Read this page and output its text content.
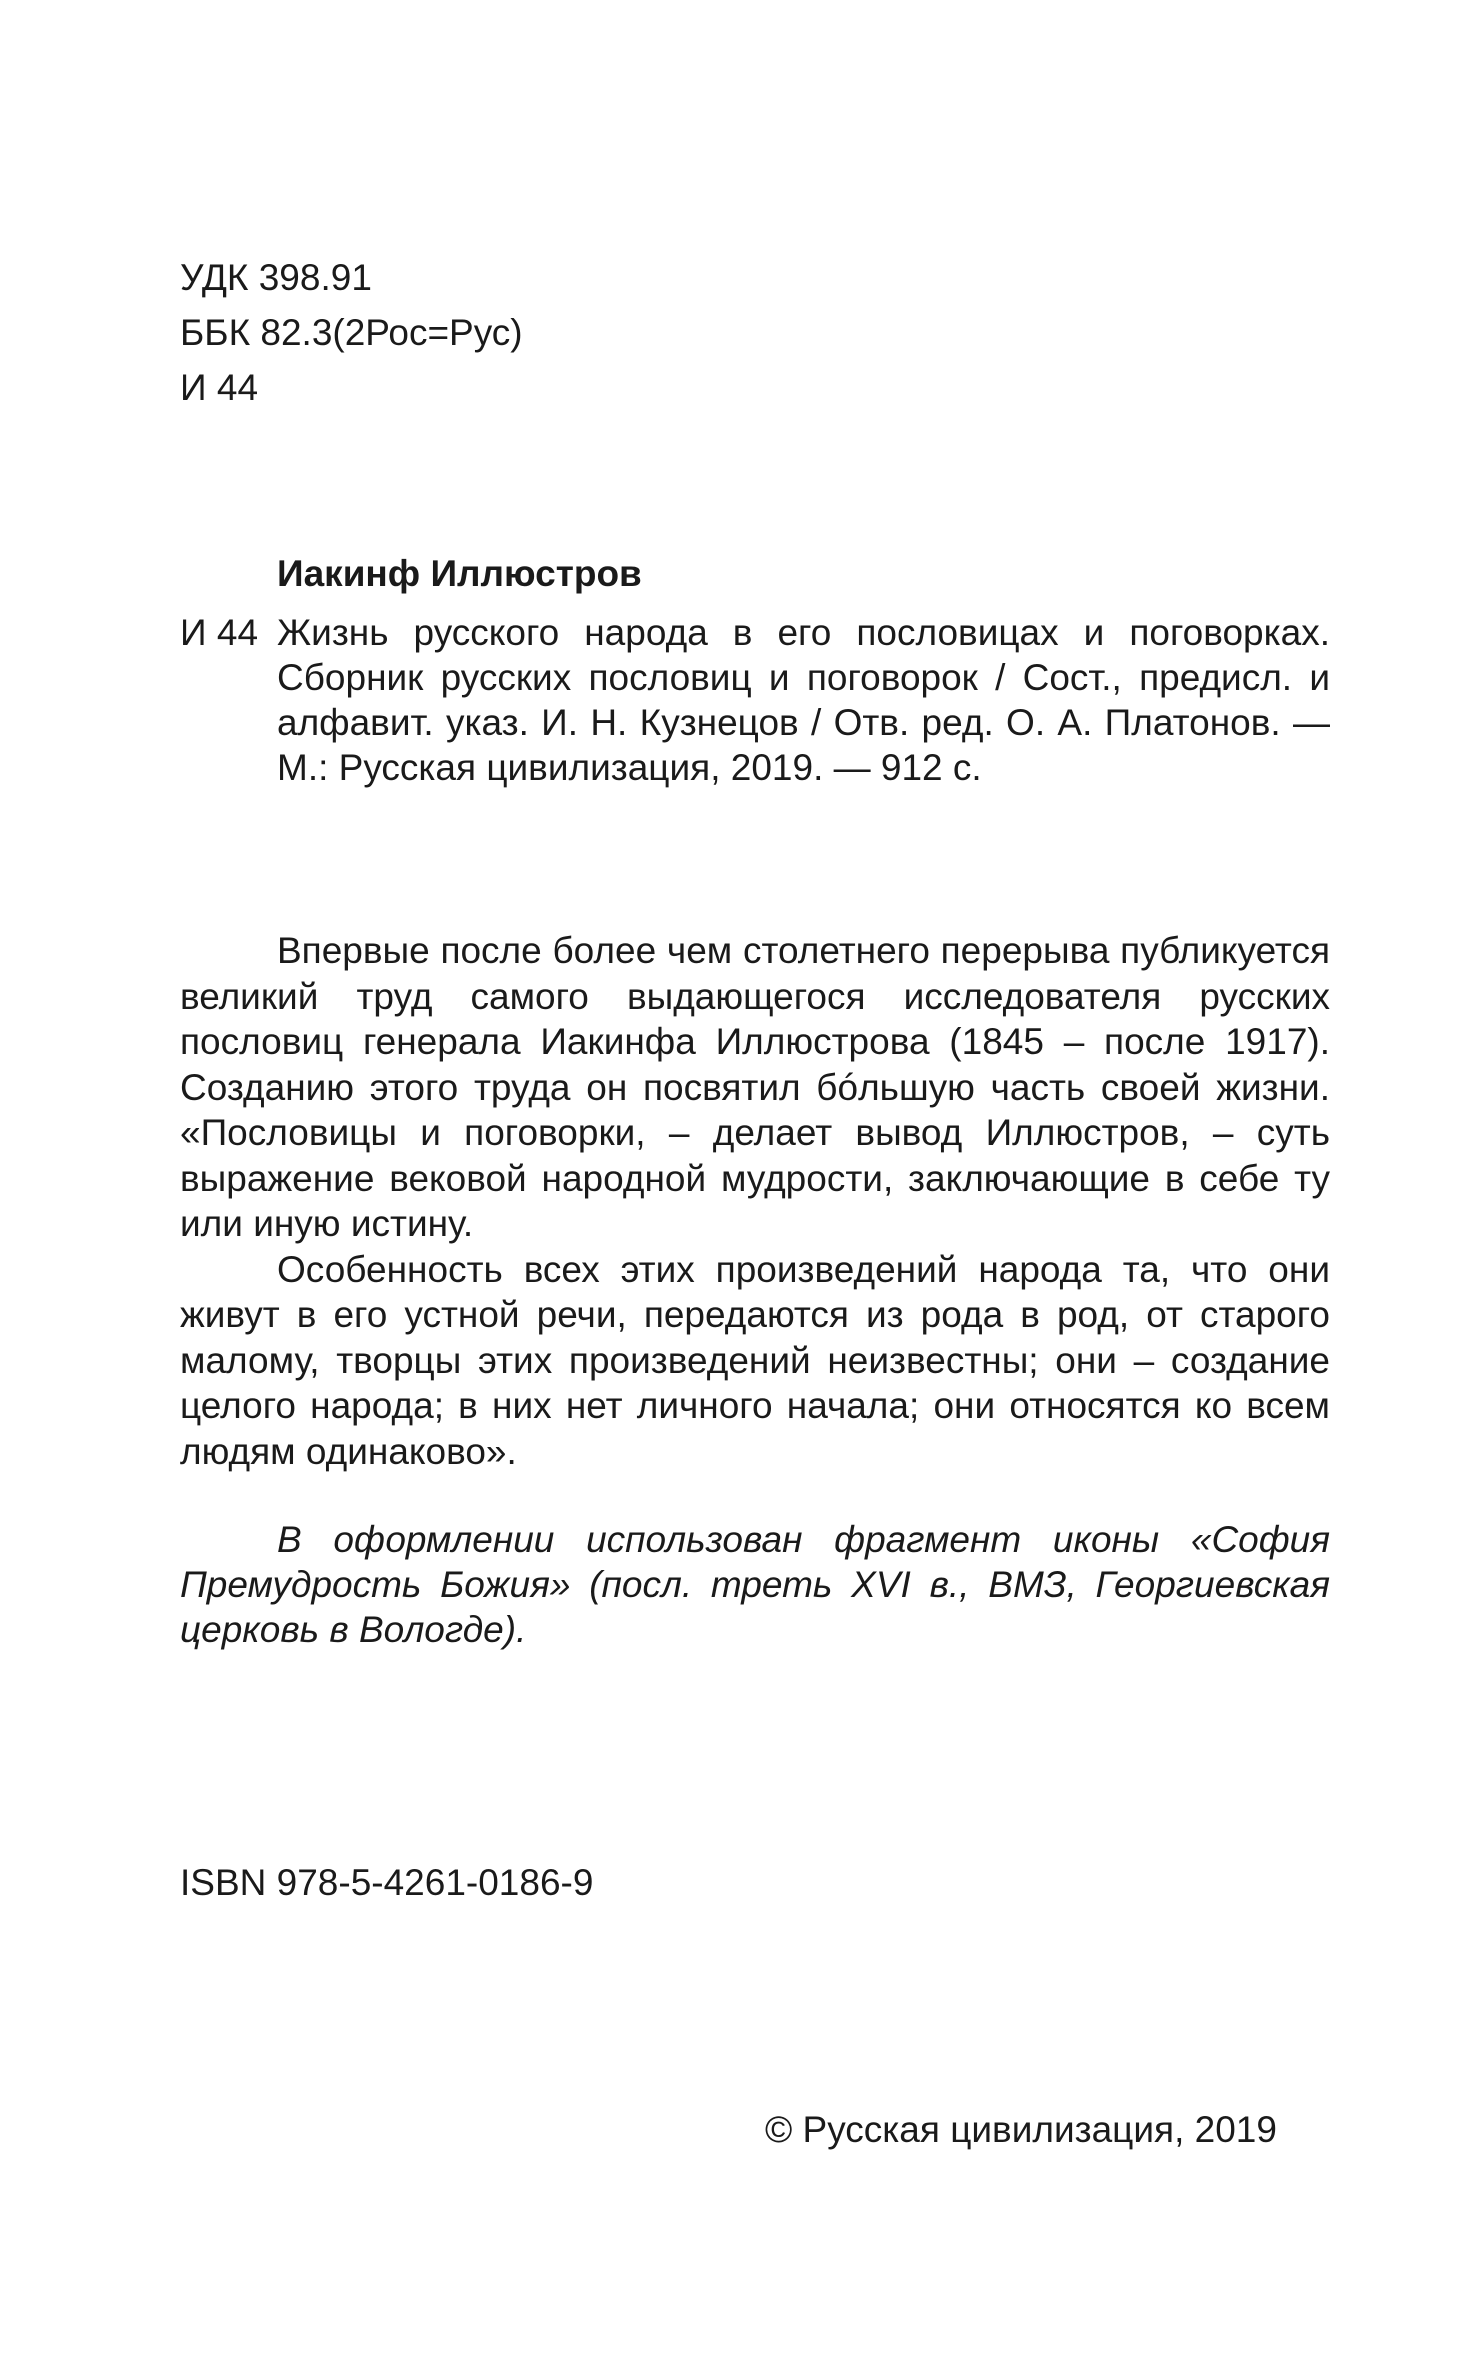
УДК 398.91
ББК 82.3(2Рос=Рус)
И 44
Иакинф Иллюстров
И 44 Жизнь русского народа в его пословицах и поговорках. Сборник русских пословиц и поговорок / Сост., предисл. и алфавит. указ. И. Н. Кузнецов / Отв. ред. О. А. Платонов. — М.: Русская цивилизация, 2019. — 912 с.

Впервые после более чем столетнего перерыва публикуется великий труд самого выдающегося исследователя русских пословиц генерала Иакинфа Иллюстрова (1845 – после 1917). Созданию этого труда он посвятил бóльшую часть своей жизни. «Пословицы и поговорки, – делает вывод Иллюстров, – суть выражение вековой народной мудрости, заключающие в себе ту или иную истину.

Особенность всех этих произведений народа та, что они живут в его устной речи, передаются из рода в род, от старого малому, творцы этих произведений неизвестны; они – создание целого народа; в них нет личного начала; они относятся ко всем людям одинаково».

В оформлении использован фрагмент иконы «София Премудрость Божия» (посл. треть XVI в., ВМЗ, Георгиевская церковь в Вологде).
ISBN 978-5-4261-0186-9
© Русская цивилизация, 2019
